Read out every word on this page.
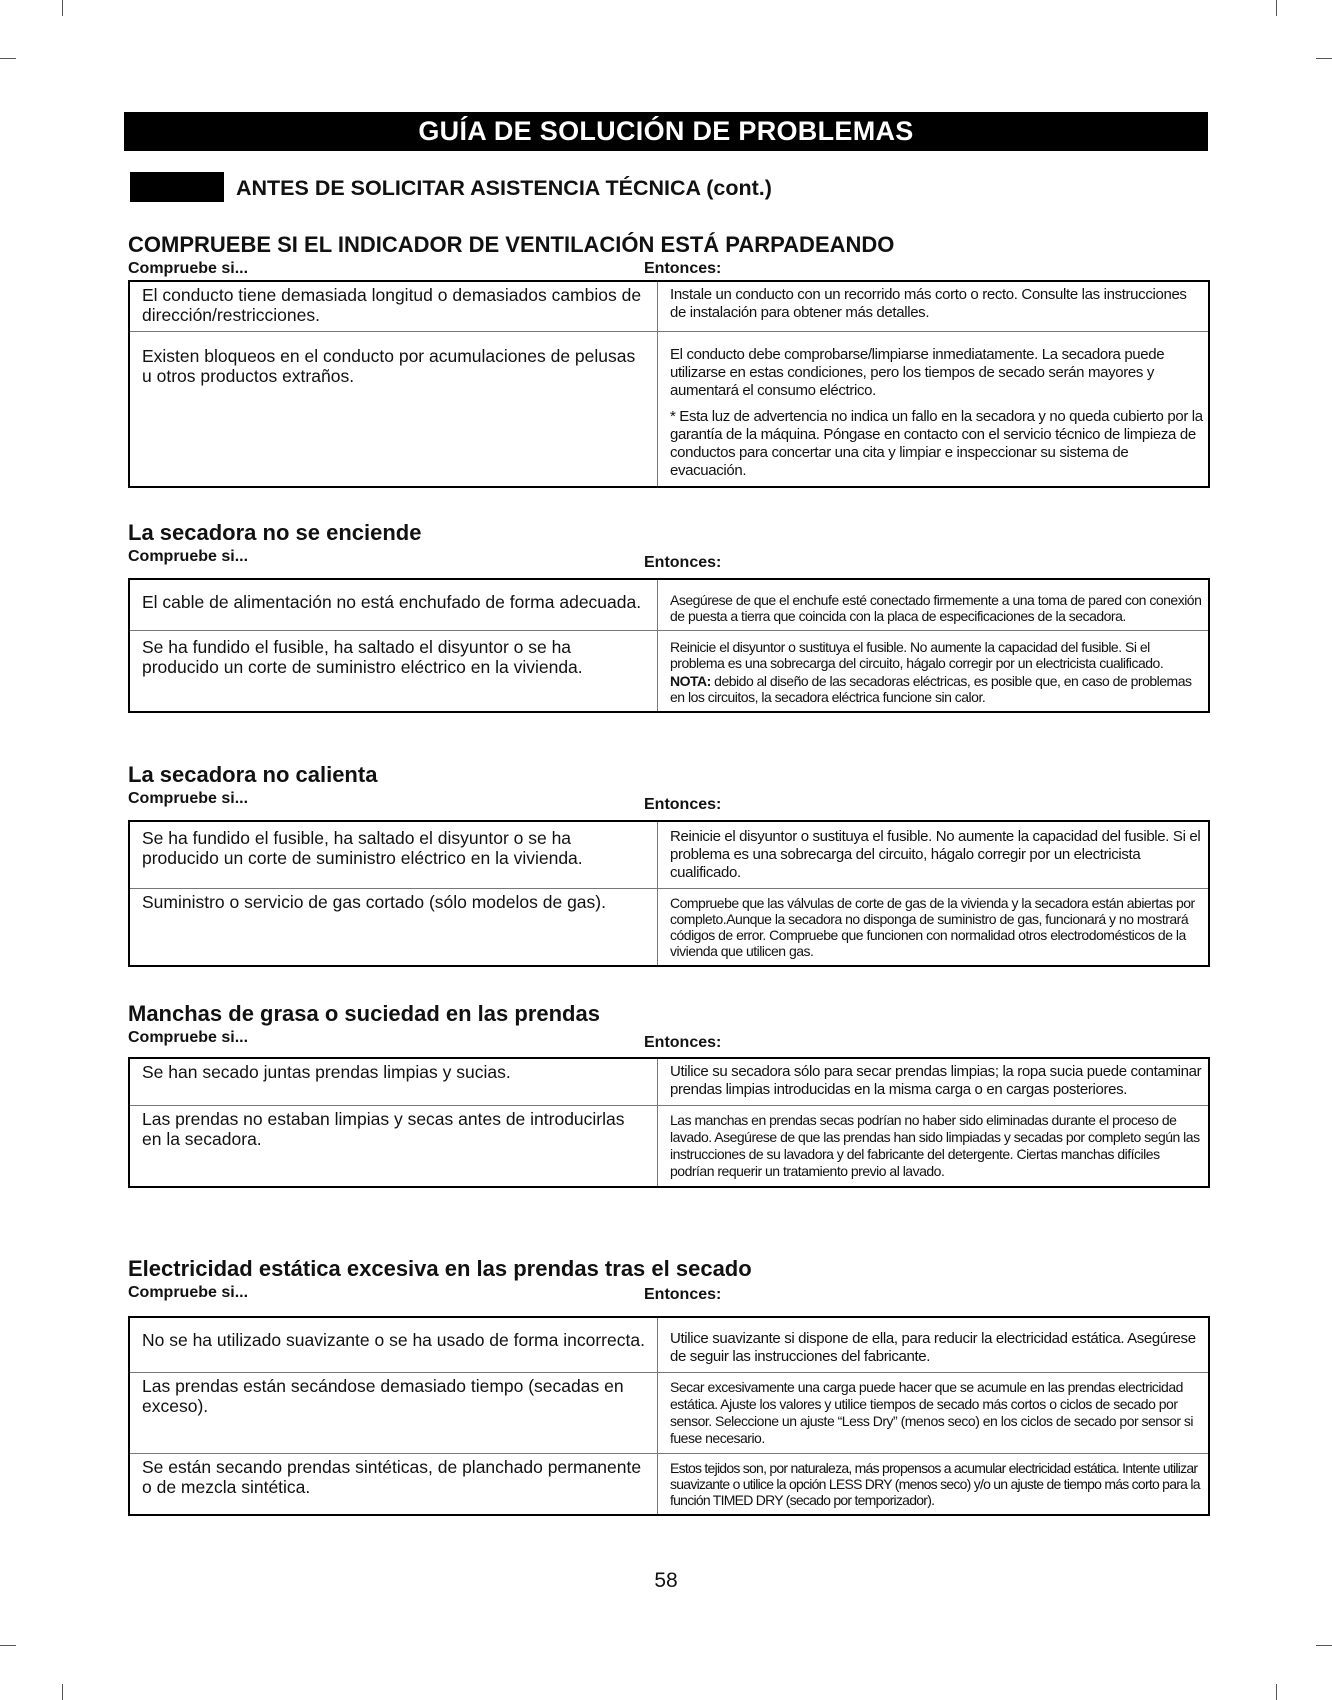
GUÍA DE SOLUCIÓN DE PROBLEMAS
ANTES DE SOLICITAR ASISTENCIA TÉCNICA (cont.)
COMPRUEBE SI EL INDICADOR DE VENTILACIÓN ESTÁ PARPADEANDO
Compruebe si...	Entonces:
El conducto tiene demasiada longitud o demasiados cambios de dirección/restricciones.	Instale un conducto con un recorrido más corto o recto. Consulte las instrucciones de instalación para obtener más detalles.

Existen bloqueos en el conducto por acumulaciones de pelusas u otros productos extraños.	El conducto debe comprobarse/limpiarse inmediatamente. La secadora puede utilizarse en estas condiciones, pero los tiempos de secado serán mayores y aumentará el consumo eléctrico.

* Esta luz de advertencia no indica un fallo en la secadora y no queda cubierto por la garantía de la máquina. Póngase en contacto con el servicio técnico de limpieza de conductos para concertar una cita y limpiar e inspeccionar su sistema de evacuación.

La secadora no se enciende
Compruebe si...	Entonces:
El cable de alimentación no está enchufado de forma adecuada.	Asegúrese de que el enchufe esté conectado firmemente a una toma de pared con conexión de puesta a tierra que coincida con la placa de especificaciones de la secadora.

Se ha fundido el fusible, ha saltado el disyuntor o se ha producido un corte de suministro eléctrico en la vivienda.	Reinicie el disyuntor o sustituya el fusible. No aumente la capacidad del fusible. Si el problema es una sobrecarga del circuito, hágalo corregir por un electricista cualificado.

NOTA: debido al diseño de las secadoras eléctricas, es posible que, en caso de problemas en los circuitos, la secadora eléctrica funcione sin calor.

La secadora no calienta
Compruebe si...	Entonces:
Se ha fundido el fusible, ha saltado el disyuntor o se ha producido un corte de suministro eléctrico en la vivienda.	Reinicie el disyuntor o sustituya el fusible. No aumente la capacidad del fusible. Si el problema es una sobrecarga del circuito, hágalo corregir por un electricista cualificado.

Suministro o servicio de gas cortado (sólo modelos de gas).	Compruebe que las válvulas de corte de gas de la vivienda y la secadora están abiertas por completo.Aunque la secadora no disponga de suministro de gas, funcionará y no mostrará códigos de error. Compruebe que funcionen con normalidad otros electrodomésticos de la vivienda que utilicen gas.

Manchas de grasa o suciedad en las prendas
Compruebe si...	Entonces:
Se han secado juntas prendas limpias y sucias.	Utilice su secadora sólo para secar prendas limpias; la ropa sucia puede contaminar prendas limpias introducidas en la misma carga o en cargas posteriores.

Las prendas no estaban limpias y secas antes de introducirlas en la secadora.	Las manchas en prendas secas podrían no haber sido eliminadas durante el proceso de lavado. Asegúrese de que las prendas han sido limpiadas y secadas por completo según las instrucciones de su lavadora y del fabricante del detergente. Ciertas manchas difíciles podrían requerir un tratamiento previo al lavado.

Electricidad estática excesiva en las prendas tras el secado
Compruebe si...	Entonces:
No se ha utilizado suavizante o se ha usado de forma incorrecta.	Utilice suavizante si dispone de ella, para reducir la electricidad estática. Asegúrese de seguir las instrucciones del fabricante.

Las prendas están secándose demasiado tiempo (secadas en exceso).	Secar excesivamente una carga puede hacer que se acumule en las prendas electricidad estática. Ajuste los valores y utilice tiempos de secado más cortos o ciclos de secado por sensor. Seleccione un ajuste “Less Dry” (menos seco) en los ciclos de secado por sensor si fuese necesario.

Se están secando prendas sintéticas, de planchado permanente o de mezcla sintética.	Estos tejidos son, por naturaleza, más propensos a acumular electricidad estática. Intente utilizar suavizante o utilice la opción LESS DRY (menos seco) y/o un ajuste de tiempo más corto para la función TIMED DRY (secado por temporizador).

58
